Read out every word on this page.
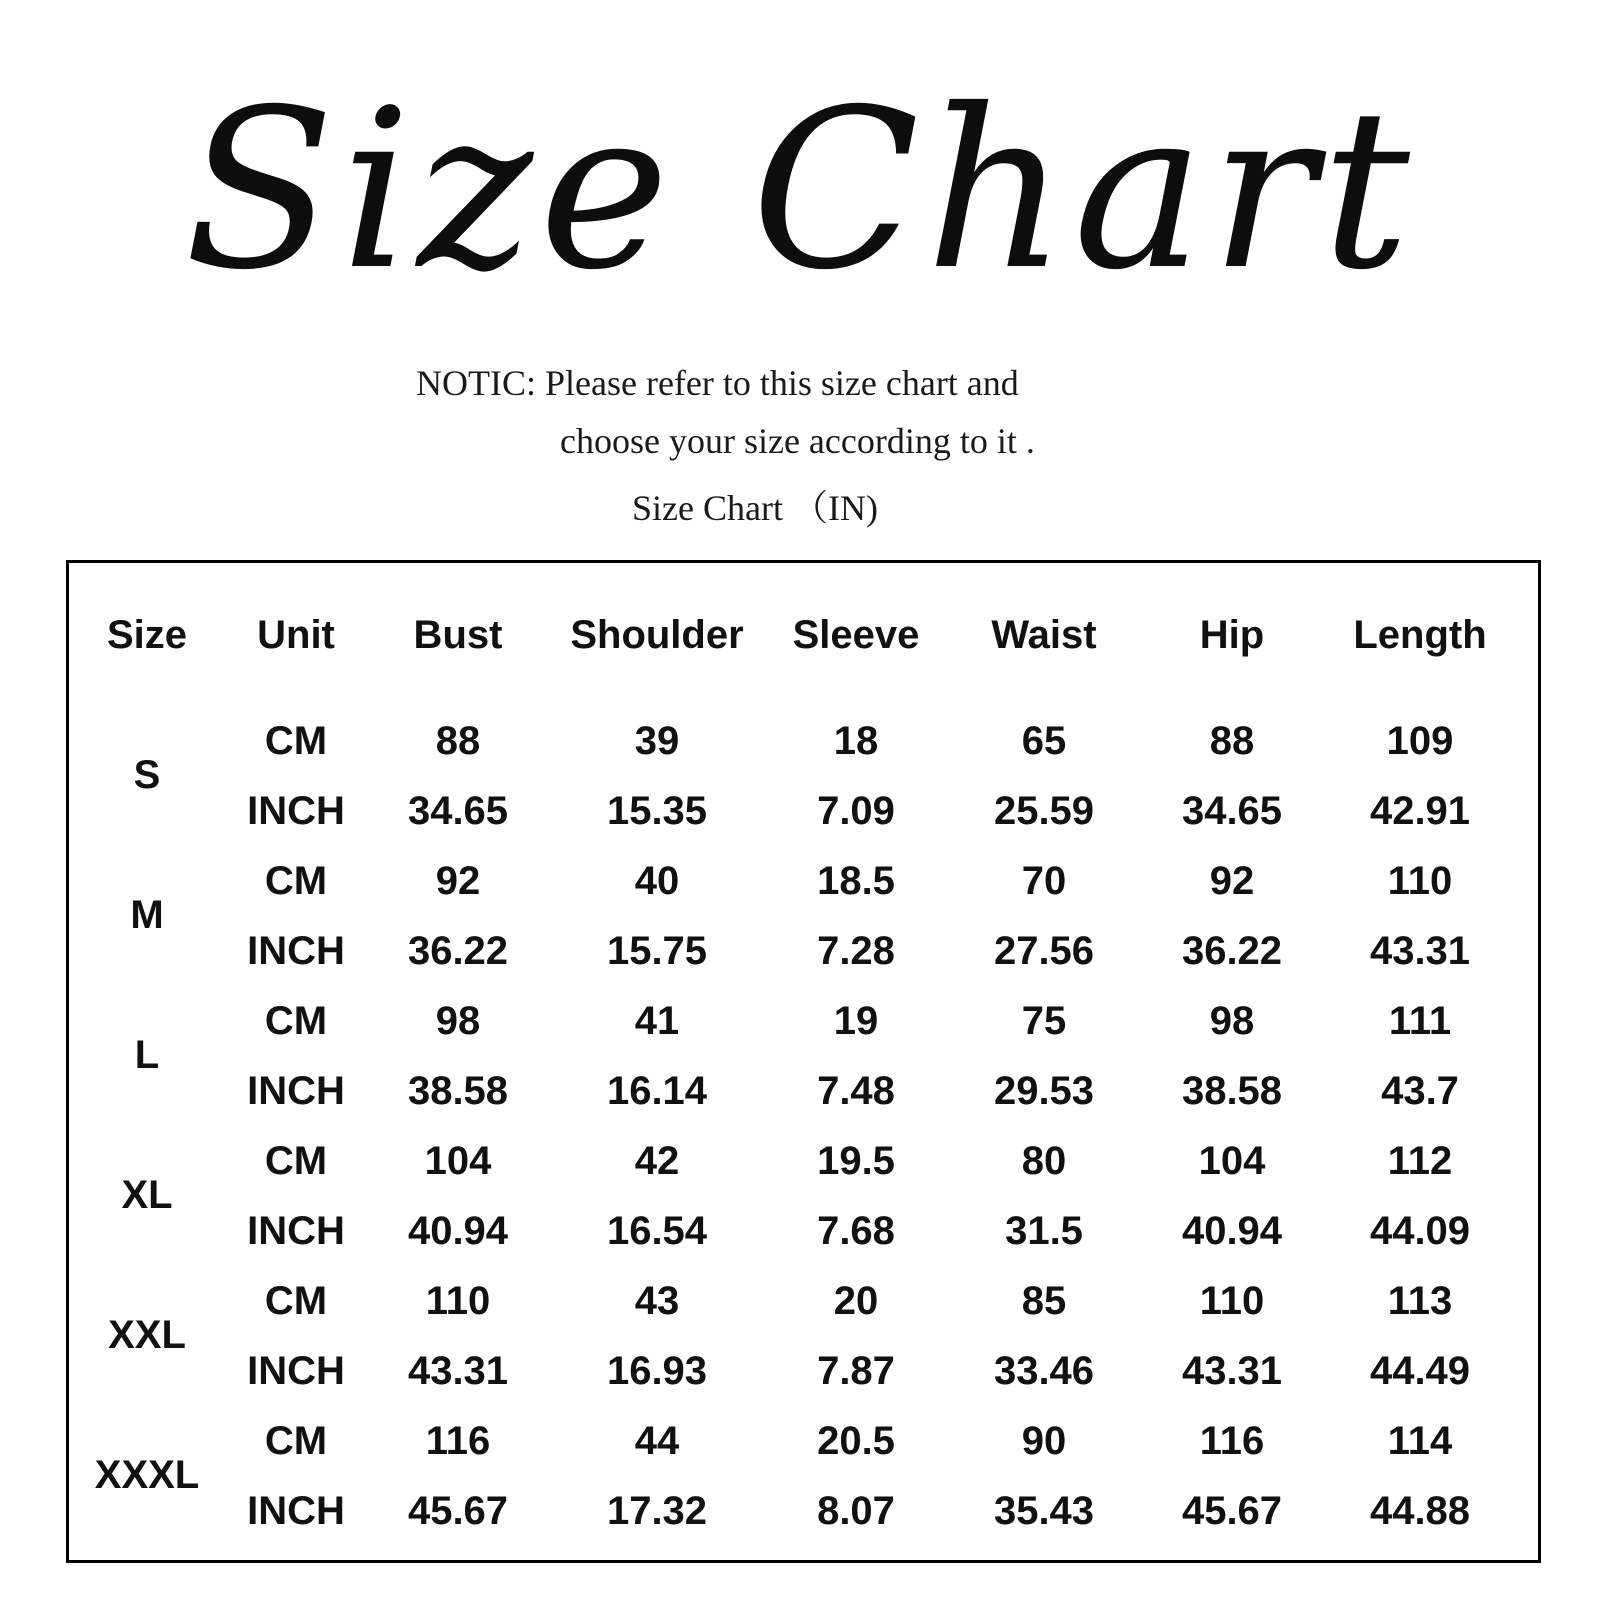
Size Chart
NOTIC: Please refer to this size chart and
choose your size according to it .
Size Chart （IN)
Size Unit Bust Shoulder Sleeve Waist	Hip Length
S
CM	88	39	18	65	88	109
INCH 34.65 15.35	7.09 25.59 34.65 42.91
M
CM	92	40	18.5	70	92	110
INCH 36.22 15.75	7.28 27.56 36.22 43.31
L
CM	98	41	19	75	98	111
INCH 38.58 16.14	7.48 29.53 38.58 43.7
XL
CM 104	42	19.5	80	104	112
INCH 40.94 16.54	7.68	31.5 40.94 44.09
XXL
CM 110	43	20	85	110	113
INCH 43.31 16.93	7.87 33.46 43.31 44.49
XXXL
CM 116	44	20.5	90	116	114
INCH 45.67 17.32	8.07 35.43 45.67 44.88
